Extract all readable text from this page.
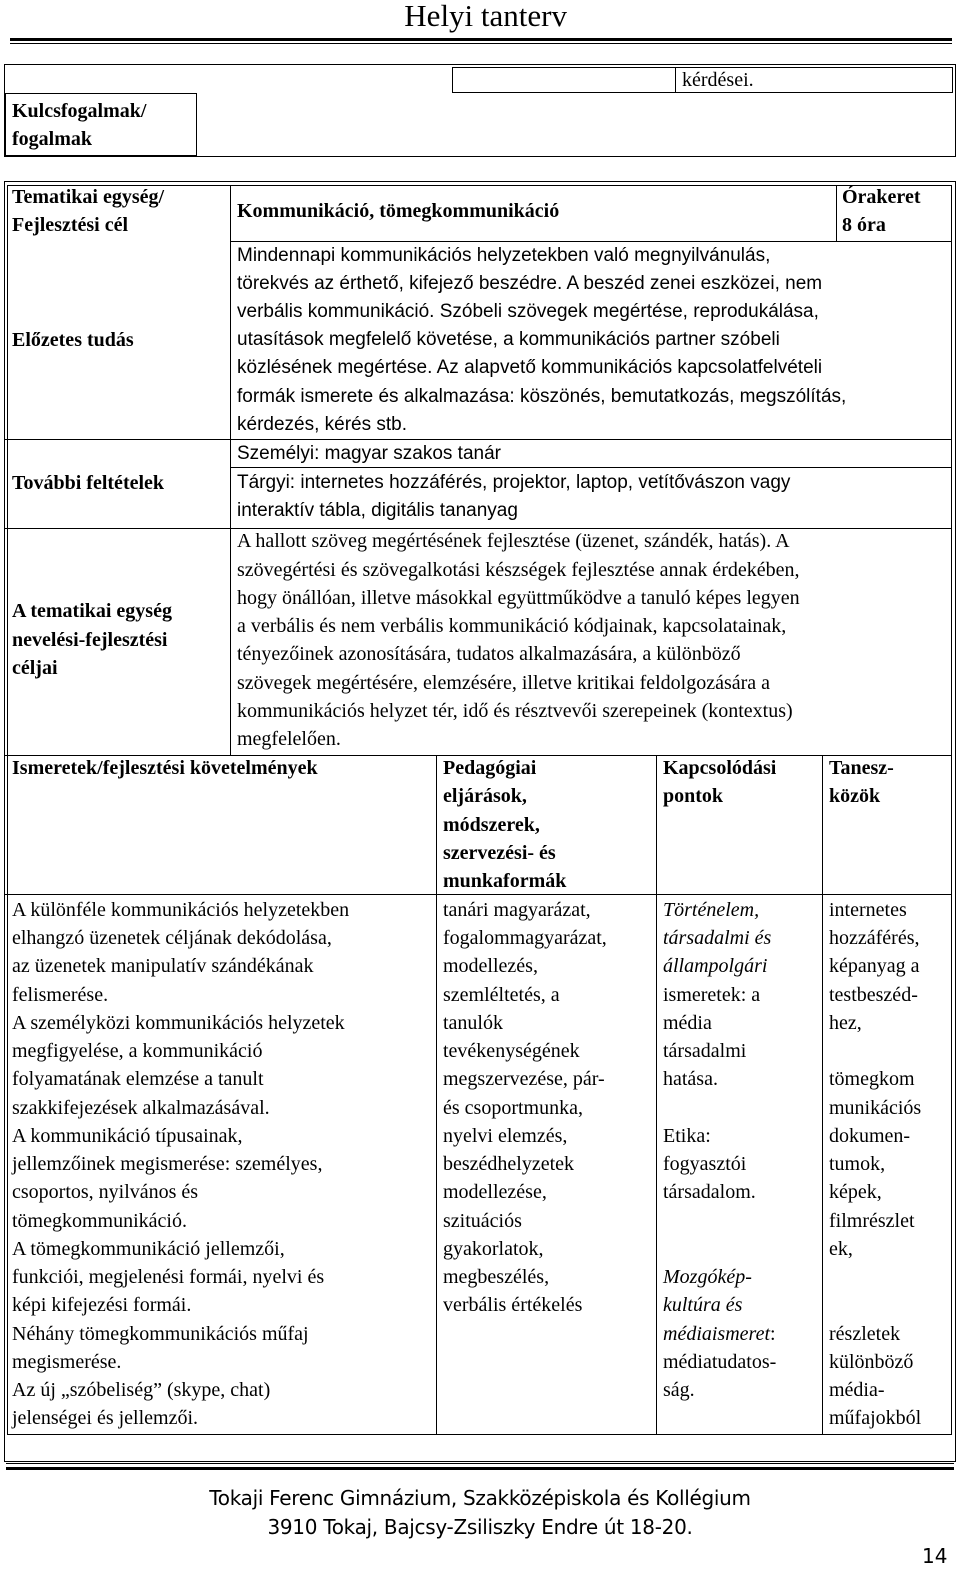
Helyi tanterv
Kulcsfogalmak/
fogalmak
kérdései.
Tematikai egység/
Fejlesztési cél
Kommunikáció, tömegkommunikáció
Órakeret
8 óra
Előzetes tudás
Mindennapi kommunikációs helyzetekben való megnyilvánulás,
törekvés az érthető, kifejező beszédre. A beszéd zenei eszközei, nem
verbális kommunikáció. Szóbeli szövegek megértése, reprodukálása,
utasítások megfelelő követése, a kommunikációs partner szóbeli
közlésének megértése. Az alapvető kommunikációs kapcsolatfelvételi
formák ismerete és alkalmazása: köszönés, bemutatkozás, megszólítás,
kérdezés, kérés stb.
További feltételek
Személyi: magyar szakos tanár
Tárgyi: internetes hozzáférés, projektor, laptop, vetítővászon vagy
interaktív tábla, digitális tananyag
A tematikai egység
nevelési-fejlesztési
céljai
A hallott szöveg megértésének fejlesztése (üzenet, szándék, hatás). A
szövegértési és szövegalkotási készségek fejlesztése annak érdekében,
hogy önállóan, illetve másokkal együttműködve a tanuló képes legyen
a verbális és nem verbális kommunikáció kódjainak, kapcsolatainak,
tényezőinek azonosítására, tudatos alkalmazására, a különböző
szövegek megértésére, elemzésére, illetve kritikai feldolgozására a
kommunikációs helyzet tér, idő és résztvevői szerepeinek (kontextus)
megfelelően.
Ismeretek/fejlesztési követelmények	Pedagógiai
eljárások,
módszerek,
szervezési- és
munkaformák
Kapcsolódási
pontok
Tanesz-
közök
A különféle kommunikációs helyzetekben
elhangzó üzenetek céljának dekódolása,
az üzenetek manipulatív szándékának
felismerése.
A személyközi kommunikációs helyzetek
megfigyelése, a kommunikáció
folyamatának elemzése a tanult
szakkifejezések alkalmazásával.
A kommunikáció típusainak,
jellemzőinek megismerése: személyes,
csoportos, nyilvános és
tömegkommunikáció.
A tömegkommunikáció jellemzői,
funkciói, megjelenési formái, nyelvi és
képi kifejezési formái.
Néhány tömegkommunikációs műfaj
megismerése.
Az új „szóbeliség” (skype, chat)
jelenségei és jellemzői.
tanári magyarázat,
fogalommagyarázat,
modellezés,
szemléltetés, a
tanulók
tevékenységének
megszervezése, pár-
és csoportmunka,
nyelvi elemzés,
beszédhelyzetek
modellezése,
szituációs
gyakorlatok,
megbeszélés,
verbális értékelés
Történelem,
társadalmi és
állampolgári
ismeretek: a
média
társadalmi
hatása.
Etika:
fogyasztói
társadalom.
Mozgókép-
kultúra és
médiaismeret:
médiatudatos-
ság.
internetes
hozzáférés,
képanyag a
testbeszéd-
hez,
tömegkom
munikációs
dokumen-
tumok,
képek,
filmrészlet
ek,
részletek
különböző
média-
műfajokból
Tokaji Ferenc Gimnázium, Szakközépiskola és Kollégium
3910 Tokaj, Bajcsy-Zsiliszky Endre út 18-20.
14
